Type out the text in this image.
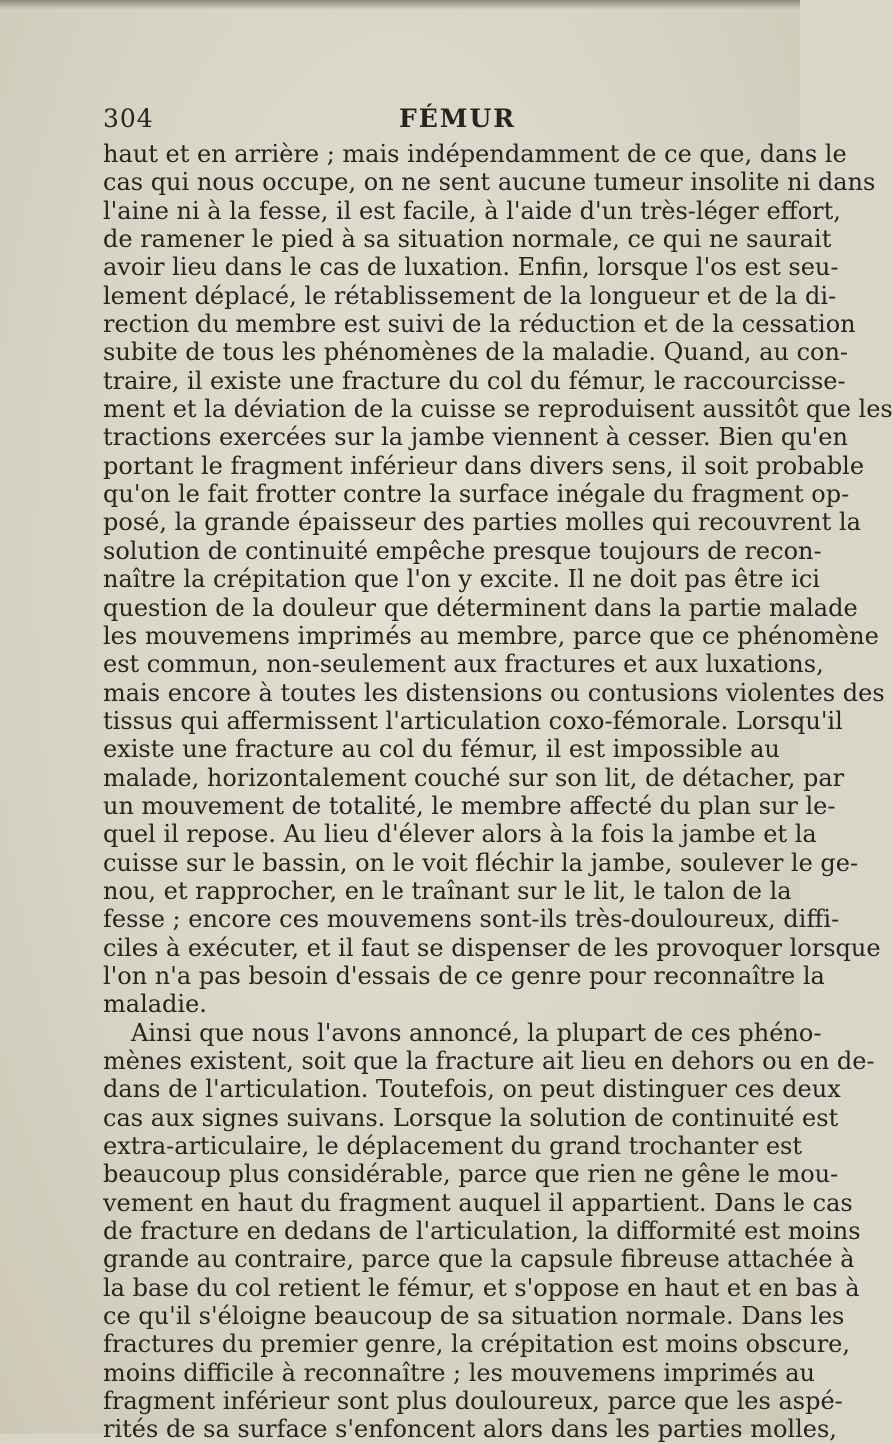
304	FÉMUR
haut et en arrière ; mais indépendamment de ce que, dans le
cas qui nous occupe, on ne sent aucune tumeur insolite ni dans
l'aine ni à la fesse, il est facile, à l'aide d'un très-léger effort,
de ramener le pied à sa situation normale, ce qui ne saurait
avoir lieu dans le cas de luxation. Enfin, lorsque l'os est seu-
lement déplacé, le rétablissement de la longueur et de la di-
rection du membre est suivi de la réduction et de la cessation
subite de tous les phénomènes de la maladie. Quand, au con-
traire, il existe une fracture du col du fémur, le raccourcisse-
ment et la déviation de la cuisse se reproduisent aussitôt que les
tractions exercées sur la jambe viennent à cesser. Bien qu'en
portant le fragment inférieur dans divers sens, il soit probable
qu'on le fait frotter contre la surface inégale du fragment op-
posé, la grande épaisseur des parties molles qui recouvrent la
solution de continuité empêche presque toujours de recon-
naître la crépitation que l'on y excite. Il ne doit pas être ici
question de la douleur que déterminent dans la partie malade
les mouvemens imprimés au membre, parce que ce phénomène
est commun, non-seulement aux fractures et aux luxations,
mais encore à toutes les distensions ou contusions violentes des
tissus qui affermissent l'articulation coxo-fémorale. Lorsqu'il
existe une fracture au col du fémur, il est impossible au
malade, horizontalement couché sur son lit, de détacher, par
un mouvement de totalité, le membre affecté du plan sur le-
quel il repose. Au lieu d'élever alors à la fois la jambe et la
cuisse sur le bassin, on le voit fléchir la jambe, soulever le ge-
nou, et rapprocher, en le traînant sur le lit, le talon de la
fesse ; encore ces mouvemens sont-ils très-douloureux, diffi-
ciles à exécuter, et il faut se dispenser de les provoquer lorsque
l'on n'a pas besoin d'essais de ce genre pour reconnaître la
maladie.
Ainsi que nous l'avons annoncé, la plupart de ces phéno-
mènes existent, soit que la fracture ait lieu en dehors ou en de-
dans de l'articulation. Toutefois, on peut distinguer ces deux
cas aux signes suivans. Lorsque la solution de continuité est
extra-articulaire, le déplacement du grand trochanter est
beaucoup plus considérable, parce que rien ne gêne le mou-
vement en haut du fragment auquel il appartient. Dans le cas
de fracture en dedans de l'articulation, la difformité est moins
grande au contraire, parce que la capsule fibreuse attachée à
la base du col retient le fémur, et s'oppose en haut et en bas à
ce qu'il s'éloigne beaucoup de sa situation normale. Dans les
fractures du premier genre, la crépitation est moins obscure,
moins difficile à reconnaître ; les mouvemens imprimés au
fragment inférieur sont plus douloureux, parce que les aspé-
rités de sa surface s'enfoncent alors dans les parties molles,
